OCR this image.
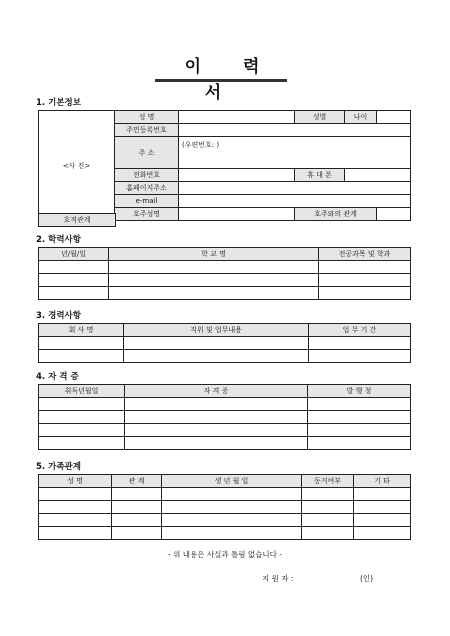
이 력 서
1. 기본정보
<사 진>	성 명		성별	나이	
	주민등록번호				
	주 소	(우편번호: )			
	전화번호		휴 대 폰		
	홈페이지주소				
	e-mail				
	호주성명		호주와의 관계		
호적관계
2. 학력사항
년/월/일	학 교 명	전공과목 및 학과

3. 경력사항
회 사 명	직위 및 업무내용	업 무 기 간

4. 자 격 증
취득년월일	자 격 증	발 행 청

5. 가족관계
성 명	관 계	생 년 월 일	동거여부	기 타

- 위 내용은 사실과 틀림 없습니다 -
지 원 자 :	(인)
